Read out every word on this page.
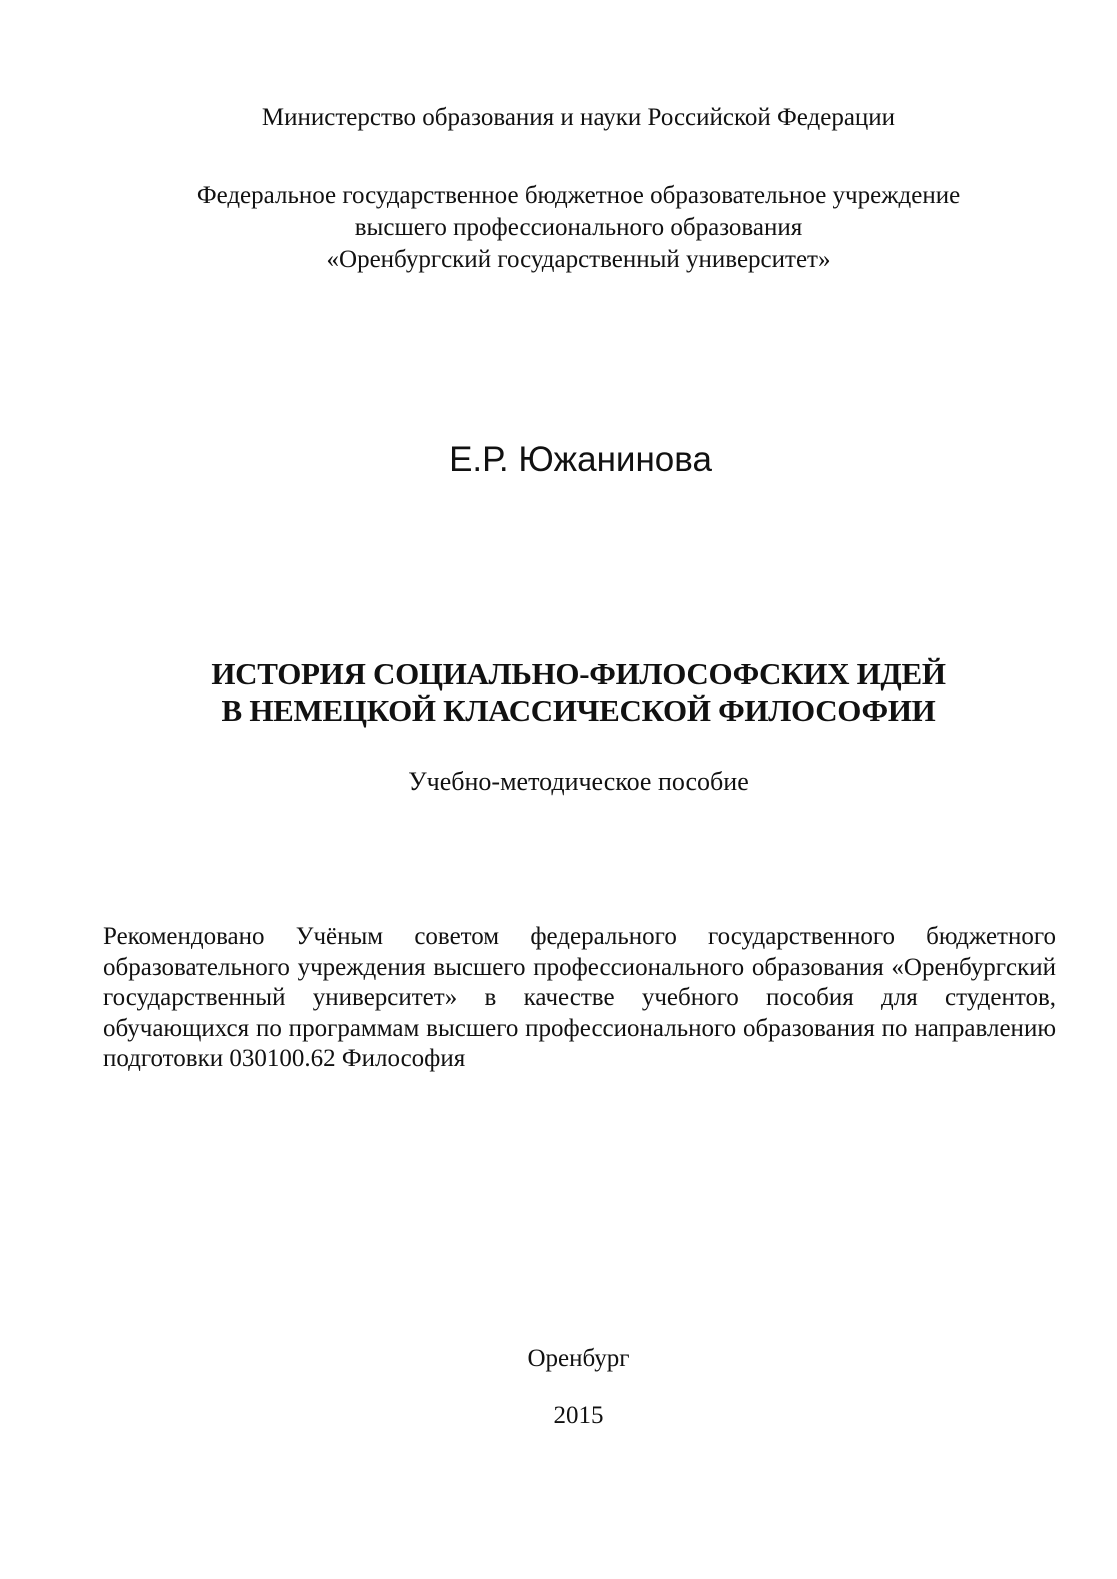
Министерство образования и науки Российской Федерации
Федеральное государственное бюджетное образовательное учреждение
высшего профессионального образования
«Оренбургский государственный университет»
Е.Р. Южанинова
ИСТОРИЯ СОЦИАЛЬНО-ФИЛОСОФСКИХ ИДЕЙ
В НЕМЕЦКОЙ КЛАССИЧЕСКОЙ ФИЛОСОФИИ
Учебно-методическое пособие
Рекомендовано Учёным советом федерального государственного бюджетного образовательного учреждения высшего профессионального образования «Оренбургский государственный университет» в качестве учебного пособия для студентов, обучающихся по программам высшего профессионального образования по направлению подготовки 030100.62 Философия
Оренбург
2015
